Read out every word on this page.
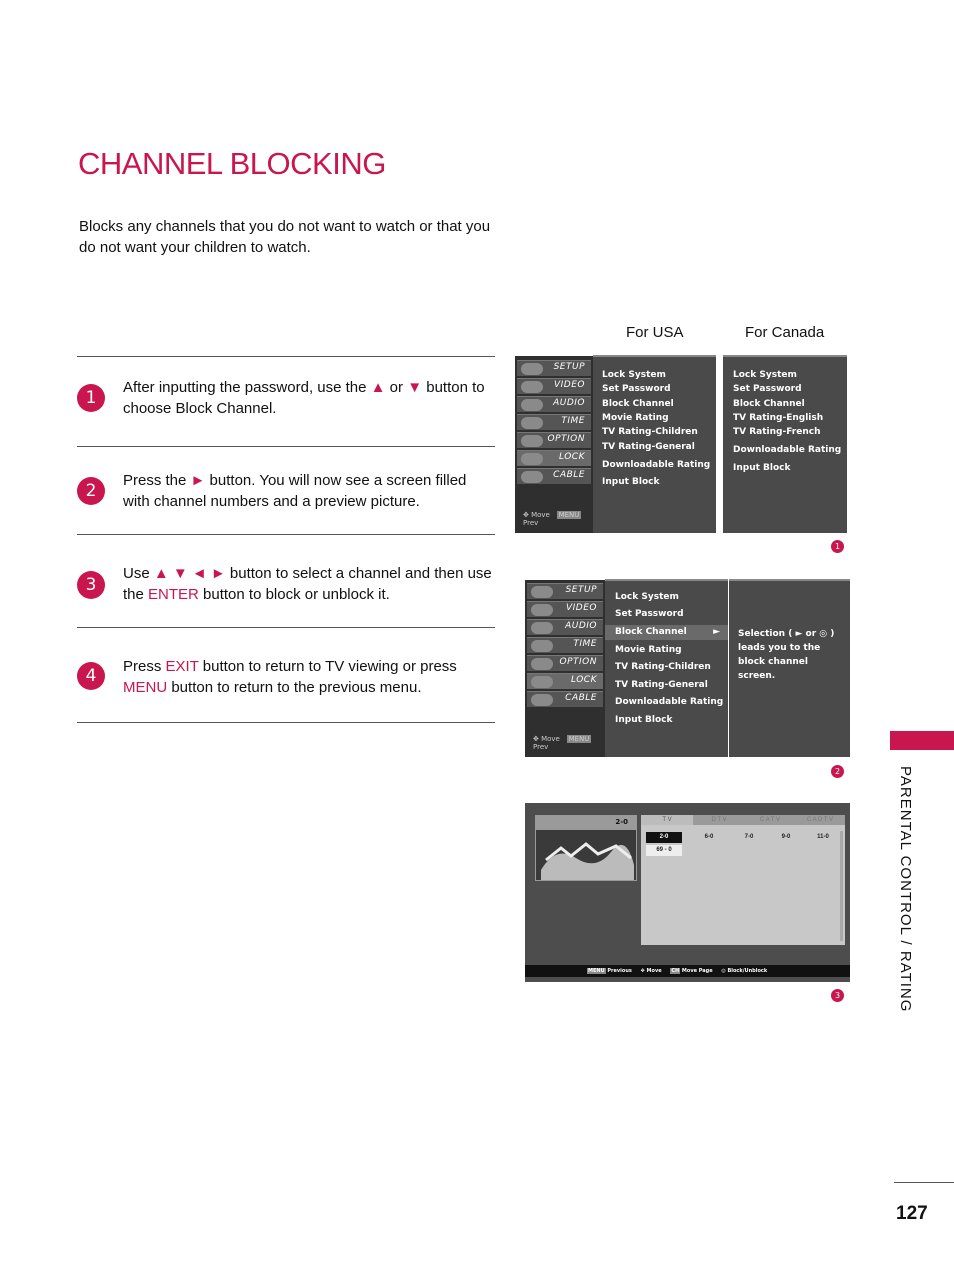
CHANNEL BLOCKING

Blocks any channels that you do not want to watch or that you do not want your children to watch.

1
After inputting the password, use the ▲ or ▼ button to choose Block Channel.
2
Press the ► button. You will now see a screen filled with channel numbers and a preview picture.
3
Use ▲ ▼ ◄ ► button to select a channel and then use the ENTER button to block or unblock it.
4	Press EXIT button to return to TV viewing or press MENU button to return to the previous menu.
For USA	For Canada
SETUP
VIDEO
AUDIO
TIME
OPTION
LOCK
CABLE
✥ Move MENU Prev
Lock System
Set Password
Block Channel
Movie Rating
TV Rating-Children
TV Rating-General
Downloadable Rating
Input Block
Lock System
Set Password
Block Channel
TV Rating-English
TV Rating-French
Downloadable Rating
Input Block
1
SETUP
VIDEO
AUDIO
TIME
OPTION
LOCK
CABLE
✥ Move MENU Prev
Lock System
Set Password
Block Channel	►
Movie Rating
TV Rating-Children
TV Rating-General
Downloadable Rating
Input Block
Selection ( ► or ◎ ) leads you to the block channel screen.
2
2-0	T V	D T V	C A T V	C A D T V
2-0	6-0	7-0	9-0	11-0
69 - 0
MENU Previous ✥ Move CH Move Page ◎ Block/Unblock
3	PARENTAL CONTROL / RATING
127
